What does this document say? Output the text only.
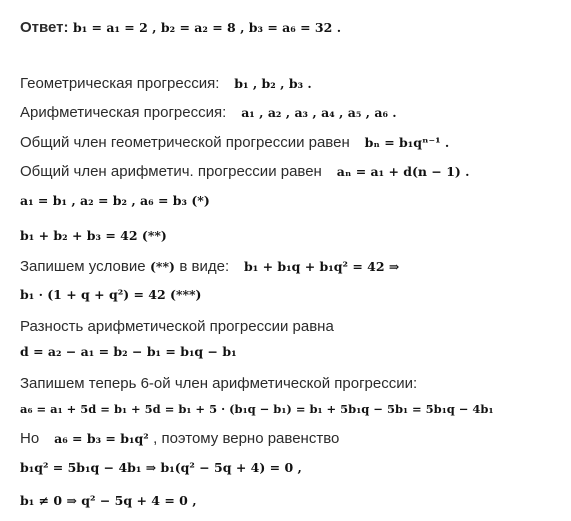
Ответ: b₁ = a₁ = 2 , b₂ = a₂ = 8 , b₃ = a₆ = 32 .
Геометрическая прогрессия: b₁ , b₂ , b₃ .
Арифметическая прогрессия: a₁ , a₂ , a₃ , a₄ , a₅ , a₆ .
Общий член геометрической прогрессии равен bₙ = b₁qⁿ⁻¹ .
Общий член арифметич. прогрессии равен aₙ = a₁ + d(n − 1) .
a₁ = b₁ , a₂ = b₂ , a₆ = b₃ (*)
b₁ + b₂ + b₃ = 42 (**)
Запишем условие (**) в виде: b₁ + b₁q + b₁q² = 42 ⇒
b₁ · (1 + q + q²) = 42 (***)
Разность арифметической прогрессии равна
d = a₂ − a₁ = b₂ − b₁ = b₁q − b₁
Запишем теперь 6-ой член арифметической прогрессии:
a₆ = a₁ + 5d = b₁ + 5d = b₁ + 5 · (b₁q − b₁) = b₁ + 5b₁q − 5b₁ = 5b₁q − 4b₁
Но a₆ = b₃ = b₁q² , поэтому верно равенство
b₁q² = 5b₁q − 4b₁ ⇒ b₁(q² − 5q + 4) = 0 ,
b₁ ≠ 0 ⇒ q² − 5q + 4 = 0 ,
